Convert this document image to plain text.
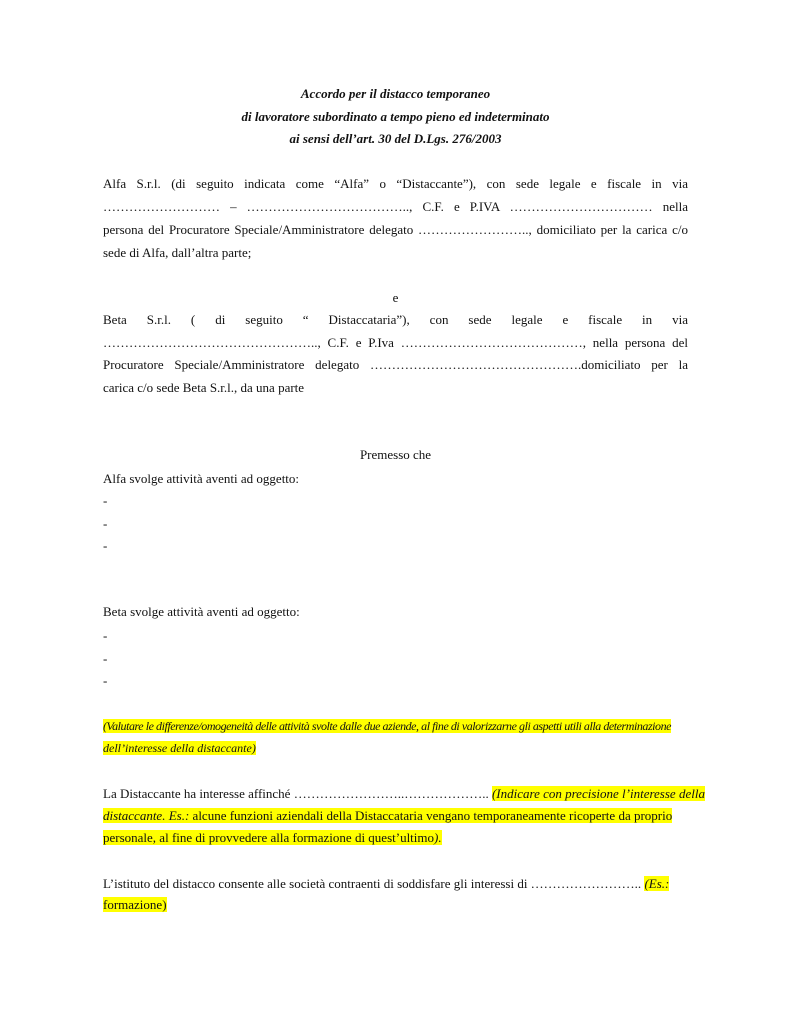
Accordo per il distacco temporaneo
di lavoratore subordinato a tempo pieno ed indeterminato
ai sensi dell’art. 30 del D.Lgs. 276/2003
Alfa S.r.l. (di seguito indicata come “Alfa” o “Distaccante”), con sede legale e fiscale in via
……………………… – ……………………………….., C.F. e P.IVA …………………………… nella
persona del Procuratore Speciale/Amministratore delegato …………………….., domiciliato per la carica c/o
sede di Alfa, dall’altra parte;
e
Beta S.r.l. ( di seguito “ Distaccataria”), con sede legale e fiscale in via
………………………………………….., C.F. e P.Iva ……………………………………, nella persona del
Procuratore Speciale/Amministratore delegato ………………………………………….domiciliato per la
carica c/o sede Beta S.r.l., da una parte
Premesso che
Alfa svolge attività aventi ad oggetto:
-
-
-
Beta svolge attività aventi ad oggetto:
-
-
-
(Valutare le differenze/omogeneità delle attività svolte dalle due aziende, al fine di valorizzarne gli aspetti utili alla determinazione
dell’interesse della distaccante)
La Distaccante ha interesse affinché ……………………..……………….. (Indicare con precisione l’interesse della
distaccante. Es.: alcune funzioni aziendali della Distaccataria vengano temporaneamente ricoperte da proprio
personale, al fine di provvedere alla formazione di quest’ultimo).
L’istituto del distacco consente alle società contraenti di soddisfare gli interessi di …………………….. (Es.:
formazione)
